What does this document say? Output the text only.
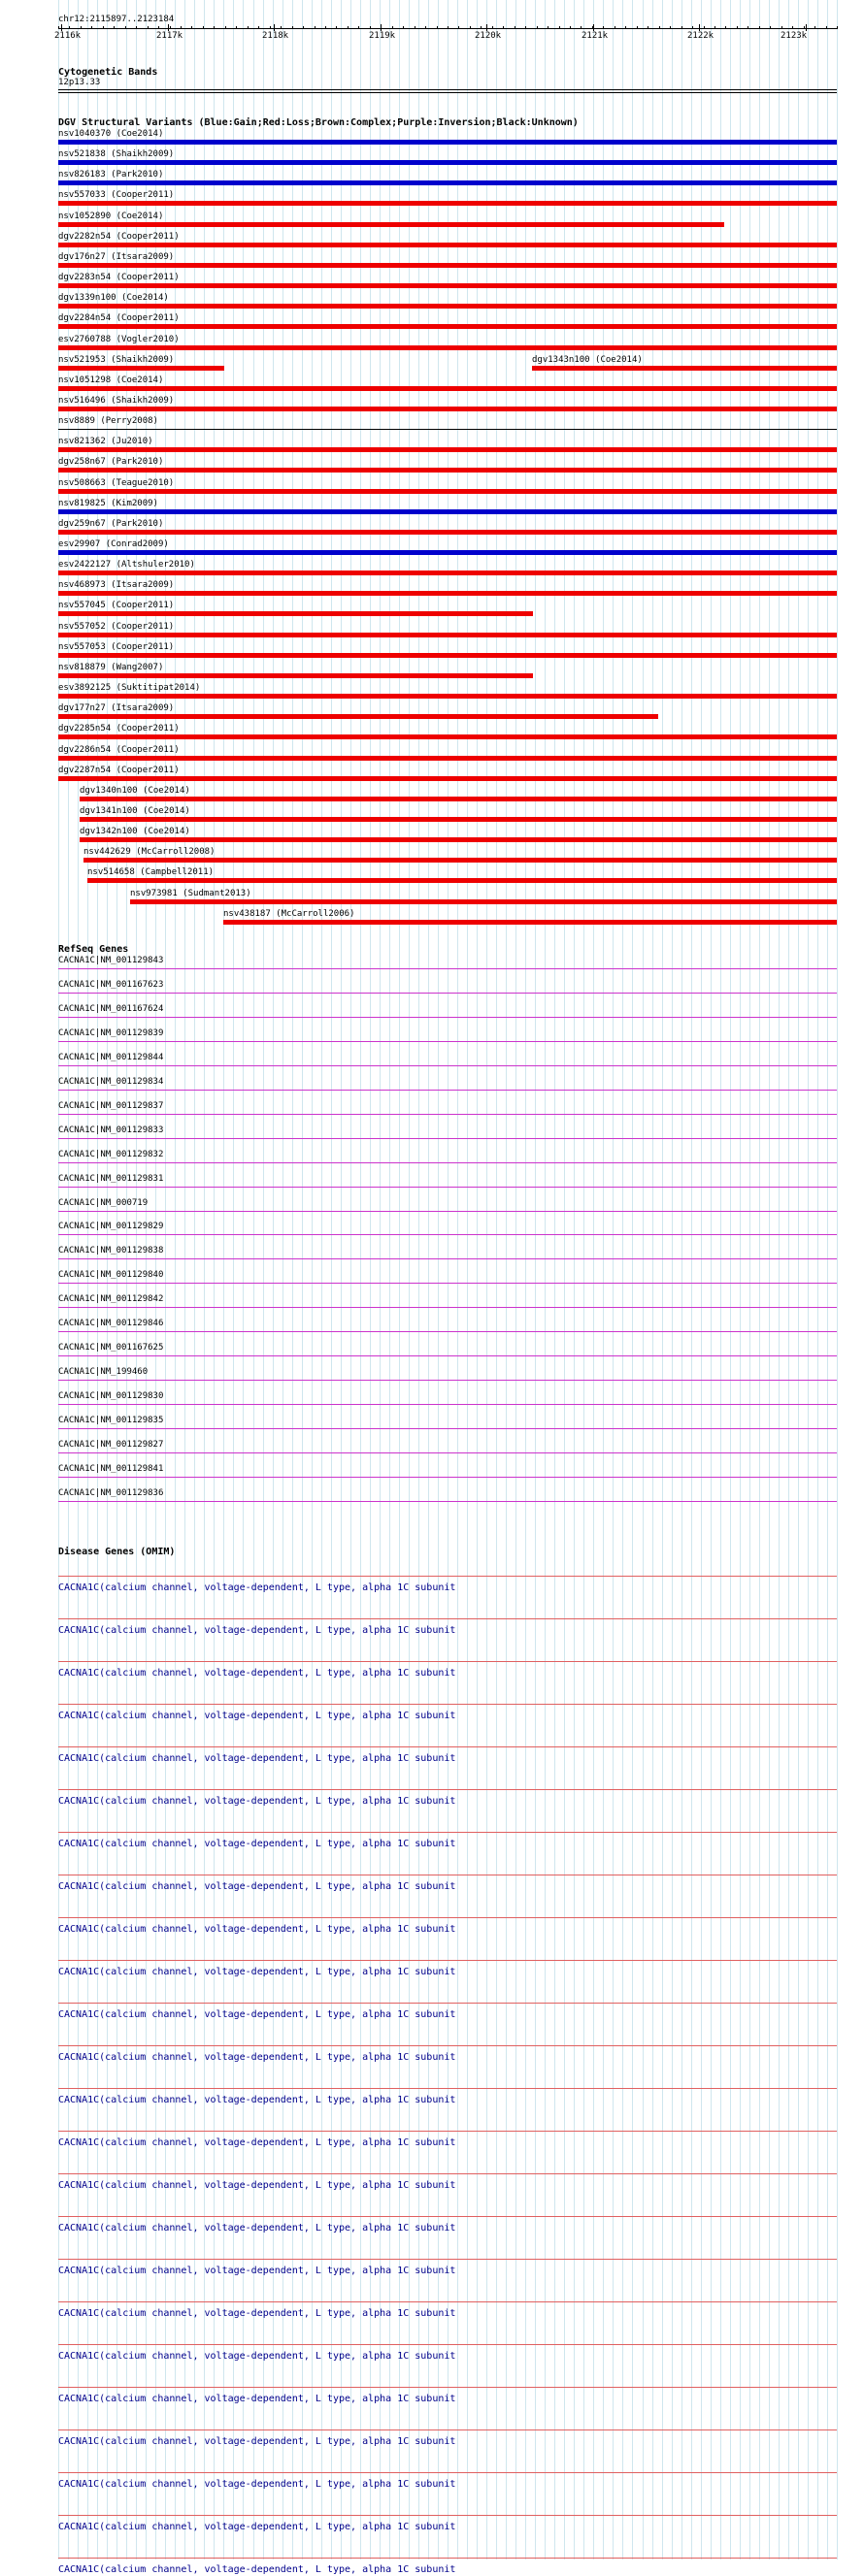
chr12:2115897..2123184
2116k	2117k	2118k	2119k	2120k	2121k	2122k	2123k
Cytogenetic Bands
12p13.33
DGV Structural Variants (Blue:Gain;Red:Loss;Brown:Complex;Purple:Inversion;Black:Unknown)
nsv1040370 (Coe2014)
nsv521838 (Shaikh2009)
nsv826183 (Park2010)
nsv557033 (Cooper2011)
nsv1052890 (Coe2014)
dgv2282n54 (Cooper2011)
dgv176n27 (Itsara2009)
dgv2283n54 (Cooper2011)
dgv1339n100 (Coe2014)
dgv2284n54 (Cooper2011)
esv2760788 (Vogler2010)
nsv521953 (Shaikh2009)	dgv1343n100 (Coe2014)
nsv1051298 (Coe2014)
nsv516496 (Shaikh2009)
nsv8889 (Perry2008)
nsv821362 (Ju2010)
dgv258n67 (Park2010)
nsv508663 (Teague2010)
nsv819825 (Kim2009)
dgv259n67 (Park2010)
esv29907 (Conrad2009)
esv2422127 (Altshuler2010)
nsv468973 (Itsara2009)
nsv557045 (Cooper2011)
nsv557052 (Cooper2011)
nsv557053 (Cooper2011)
nsv818879 (Wang2007)
esv3892125 (Suktitipat2014)
dgv177n27 (Itsara2009)
dgv2285n54 (Cooper2011)
dgv2286n54 (Cooper2011)
dgv2287n54 (Cooper2011)
dgv1340n100 (Coe2014)
dgv1341n100 (Coe2014)
dgv1342n100 (Coe2014)
nsv442629 (McCarroll2008)
nsv514658 (Campbell2011)
nsv973981 (Sudmant2013)
nsv438187 (McCarroll2006)
RefSeq Genes
CACNA1C|NM_001129843
CACNA1C|NM_001167623
CACNA1C|NM_001167624
CACNA1C|NM_001129839
CACNA1C|NM_001129844
CACNA1C|NM_001129834
CACNA1C|NM_001129837
CACNA1C|NM_001129833
CACNA1C|NM_001129832
CACNA1C|NM_001129831
CACNA1C|NM_000719
CACNA1C|NM_001129829
CACNA1C|NM_001129838
CACNA1C|NM_001129840
CACNA1C|NM_001129842
CACNA1C|NM_001129846
CACNA1C|NM_001167625
CACNA1C|NM_199460
CACNA1C|NM_001129830
CACNA1C|NM_001129835
CACNA1C|NM_001129827
CACNA1C|NM_001129841
CACNA1C|NM_001129836
Disease Genes (OMIM)
CACNA1C(calcium channel, voltage-dependent, L type, alpha 1C subunit
CACNA1C(calcium channel, voltage-dependent, L type, alpha 1C subunit
CACNA1C(calcium channel, voltage-dependent, L type, alpha 1C subunit
CACNA1C(calcium channel, voltage-dependent, L type, alpha 1C subunit
CACNA1C(calcium channel, voltage-dependent, L type, alpha 1C subunit
CACNA1C(calcium channel, voltage-dependent, L type, alpha 1C subunit
CACNA1C(calcium channel, voltage-dependent, L type, alpha 1C subunit
CACNA1C(calcium channel, voltage-dependent, L type, alpha 1C subunit
CACNA1C(calcium channel, voltage-dependent, L type, alpha 1C subunit
CACNA1C(calcium channel, voltage-dependent, L type, alpha 1C subunit
CACNA1C(calcium channel, voltage-dependent, L type, alpha 1C subunit
CACNA1C(calcium channel, voltage-dependent, L type, alpha 1C subunit
CACNA1C(calcium channel, voltage-dependent, L type, alpha 1C subunit
CACNA1C(calcium channel, voltage-dependent, L type, alpha 1C subunit
CACNA1C(calcium channel, voltage-dependent, L type, alpha 1C subunit
CACNA1C(calcium channel, voltage-dependent, L type, alpha 1C subunit
CACNA1C(calcium channel, voltage-dependent, L type, alpha 1C subunit
CACNA1C(calcium channel, voltage-dependent, L type, alpha 1C subunit
CACNA1C(calcium channel, voltage-dependent, L type, alpha 1C subunit
CACNA1C(calcium channel, voltage-dependent, L type, alpha 1C subunit
CACNA1C(calcium channel, voltage-dependent, L type, alpha 1C subunit
CACNA1C(calcium channel, voltage-dependent, L type, alpha 1C subunit
CACNA1C(calcium channel, voltage-dependent, L type, alpha 1C subunit
CACNA1C(calcium channel, voltage-dependent, L type, alpha 1C subunit
